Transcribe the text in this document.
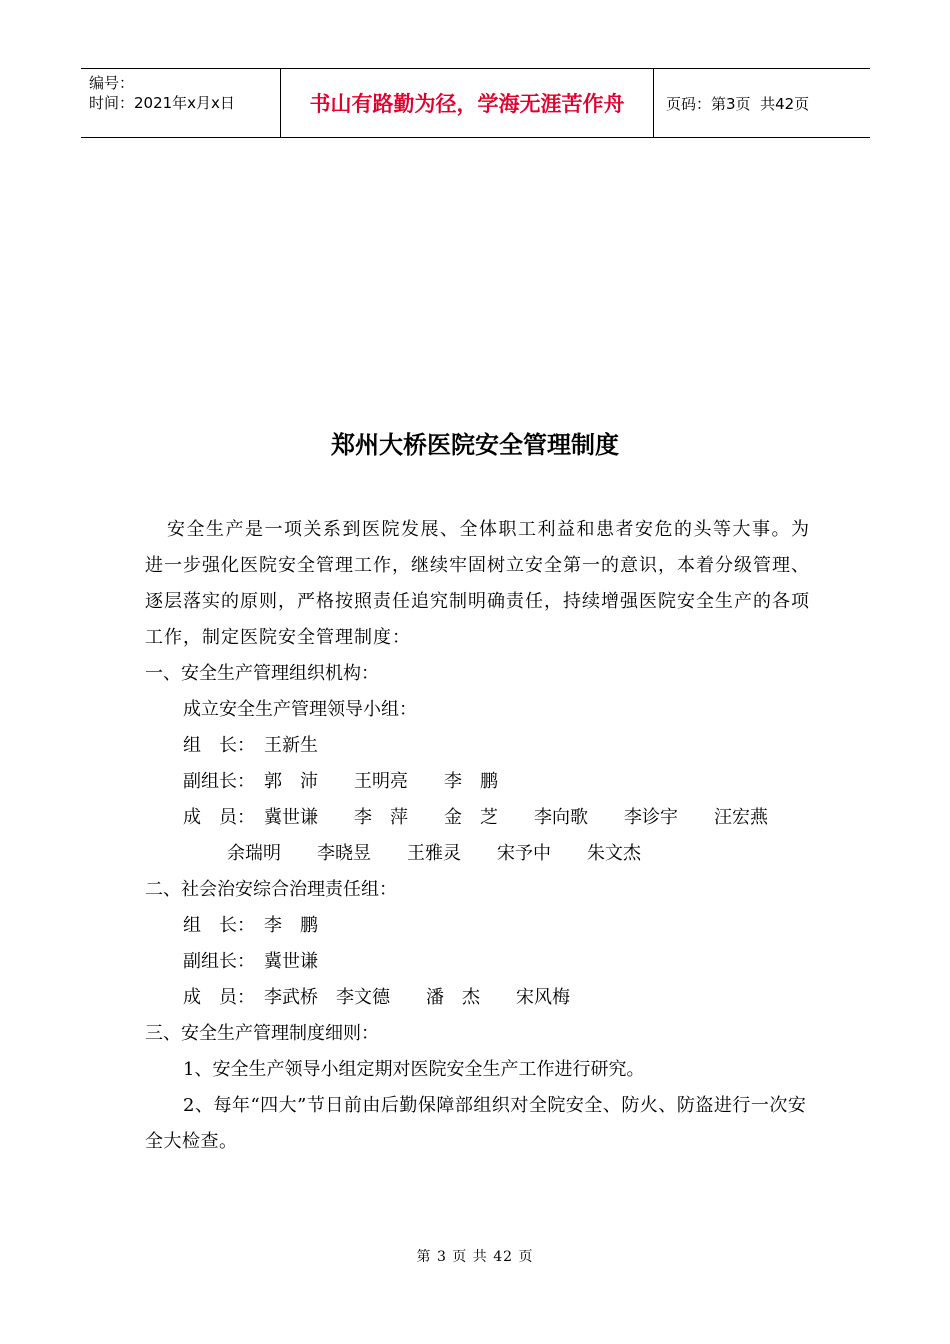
编号：
时间：2021年x月x日	书山有路勤为径，学海无涯苦作舟	页码：第3页  共42页
郑州大桥医院安全管理制度

安全生产是一项关系到医院发展、全体职工利益和患者安危的头等大事。为进一步强化医院安全管理工作，继续牢固树立安全第一的意识，本着分级管理、逐层落实的原则，严格按照责任追究制明确责任，持续增强医院安全生产的各项工作，制定医院安全管理制度：

一、安全生产管理组织机构：

成立安全生产管理领导小组：

组　长：　王新生

副组长：　郭　沛　　王明亮　　李　鹏

成　员：　冀世谦　　李　萍　　金　芝　　李向歌　　李诊宇　　汪宏燕

余瑞明　　李晓昱　　王雅灵　　宋予中　　朱文杰

二、社会治安综合治理责任组：

组　长：　李　鹏

副组长：　冀世谦

成　员：　李武桥　李文德　　潘　杰　　宋风梅

三、安全生产管理制度细则：

1、安全生产领导小组定期对医院安全生产工作进行研究。

2、每年“四大”节日前由后勤保障部组织对全院安全、防火、防盗进行一次安全大检查。

第 3 页 共 42 页
